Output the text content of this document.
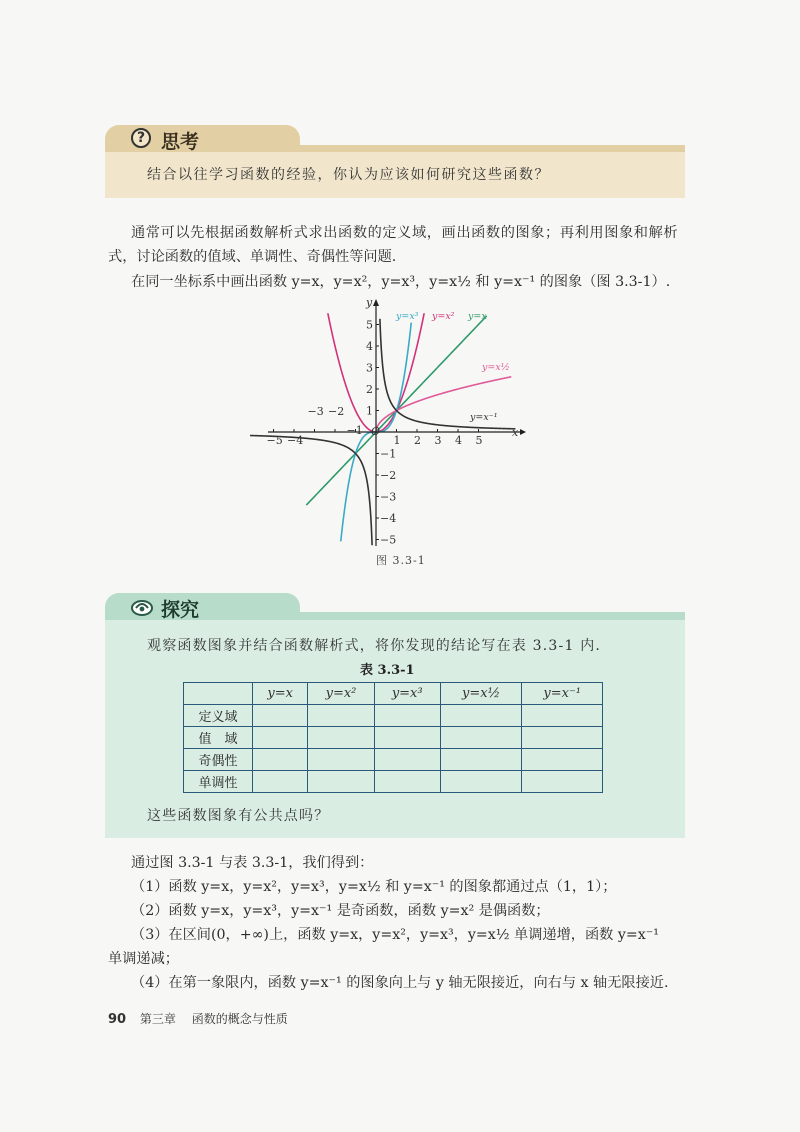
? 思考
结合以往学习函数的经验，你认为应该如何研究这些函数？
通常可以先根据函数解析式求出函数的定义域，画出函数的图象；再利用图象和解析
式，讨论函数的值域、单调性、奇偶性等问题.
在同一坐标系中画出函数 y=x，y=x²，y=x³，y=x½ 和 y=x⁻¹ 的图象（图 3.3-1）.
1 2 3 4 5
−3 −2
−5 −4
−1
5
4
3
2
1
−1
−2
−3
−4
−5
x
y
O
y=x³ y=x² y=x
y=x½
y=x⁻¹
图 3.3-1
探究
观察函数图象并结合函数解析式，将你发现的结论写在表 3.3-1 内.
表 3.3-1
	y=x	y=x²	y=x³	y=x½	y=x⁻¹
定义域					
值　域					
奇偶性					
单调性					
这些函数图象有公共点吗？
通过图 3.3-1 与表 3.3-1，我们得到：
（1）函数 y=x，y=x²，y=x³，y=x½ 和 y=x⁻¹ 的图象都通过点（1，1）；
（2）函数 y=x，y=x³，y=x⁻¹ 是奇函数，函数 y=x² 是偶函数；
（3）在区间(0，+∞)上，函数 y=x，y=x²，y=x³，y=x½ 单调递增，函数 y=x⁻¹
单调递减；
（4）在第一象限内，函数 y=x⁻¹ 的图象向上与 y 轴无限接近，向右与 x 轴无限接近.
90 第三章 函数的概念与性质
